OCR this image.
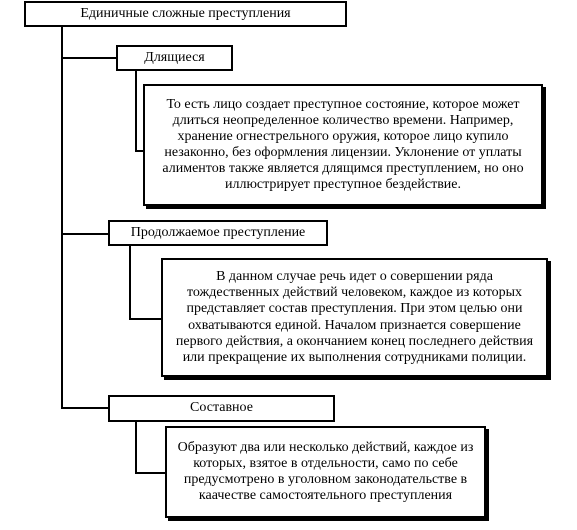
Единичные сложные преступления
Длящиеся
То есть лицо создает преступное состояние, которое может длиться неопределенное количество времени. Например, хранение огнестрельного оружия, которое лицо купило незаконно, без оформления лицензии. Уклонение от уплаты алиментов также является длящимся преступлением, но оно иллюстрирует преступное бездействие.
Продолжаемое преступление
В данном случае речь идет о совершении ряда тождественных действий человеком, каждое из которых представляет состав преступления. При этом целью они охватываются единой. Началом признается совершение первого действия, а окончанием конец последнего действия или прекращение их выполнения сотрудниками полиции.
Составное
Образуют два или несколько действий, каждое из которых, взятое в отдельности, само по себе предусмотрено в уголовном законодательстве в каачестве самостоятельного преступления
